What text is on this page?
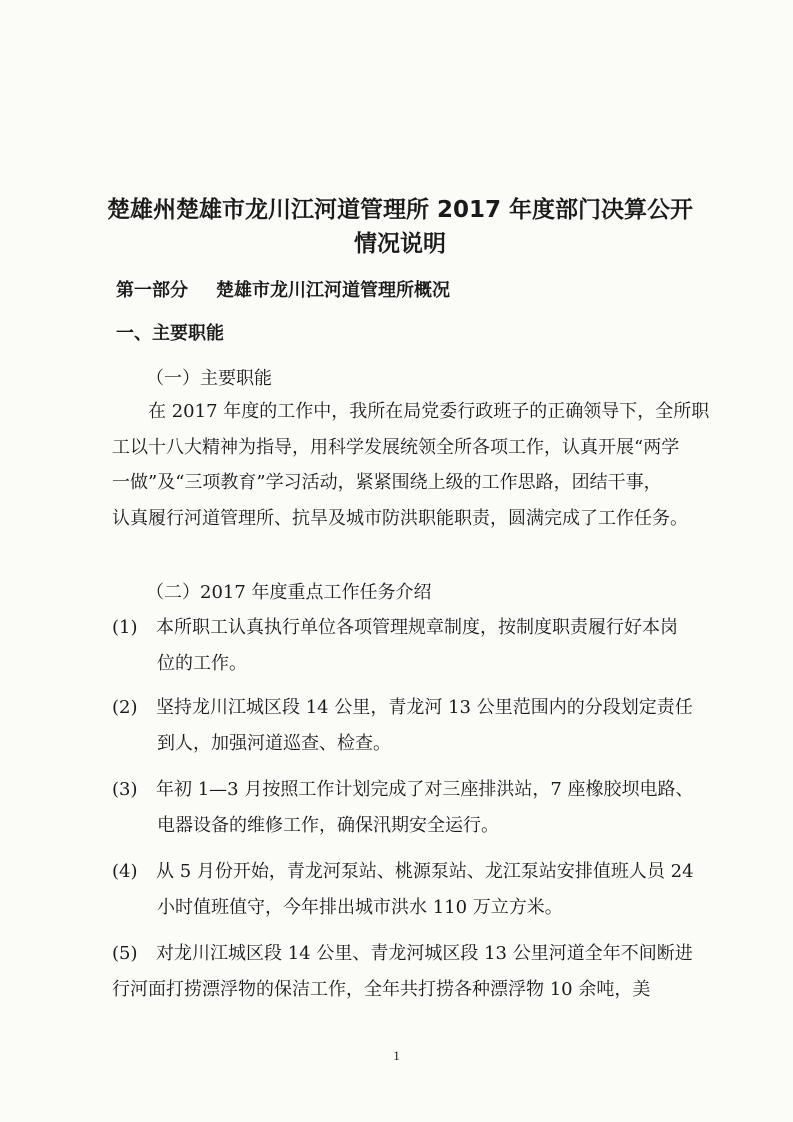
楚雄州楚雄市龙川江河道管理所 2017 年度部门决算公开
情况说明
第一部分 楚雄市龙川江河道管理所概况
一、主要职能
（一）主要职能
在 2017 年度的工作中，我所在局党委行政班子的正确领导下，全所职
工以十八大精神为指导，用科学发展统领全所各项工作，认真开展“两学
一做”及“三项教育”学习活动，紧紧围绕上级的工作思路，团结干事，
认真履行河道管理所、抗旱及城市防洪职能职责，圆满完成了工作任务。
（二）2017 年度重点工作任务介绍
(1) 本所职工认真执行单位各项管理规章制度，按制度职责履行好本岗
位的工作。
(2) 坚持龙川江城区段 14 公里，青龙河 13 公里范围内的分段划定责任
到人，加强河道巡查、检查。
(3) 年初 1—3 月按照工作计划完成了对三座排洪站，7 座橡胶坝电路、
电器设备的维修工作，确保汛期安全运行。
(4) 从 5 月份开始，青龙河泵站、桃源泵站、龙江泵站安排值班人员 24
小时值班值守，今年排出城市洪水 110 万立方米。
(5) 对龙川江城区段 14 公里、青龙河城区段 13 公里河道全年不间断进
行河面打捞漂浮物的保洁工作，全年共打捞各种漂浮物 10 余吨，美
1
